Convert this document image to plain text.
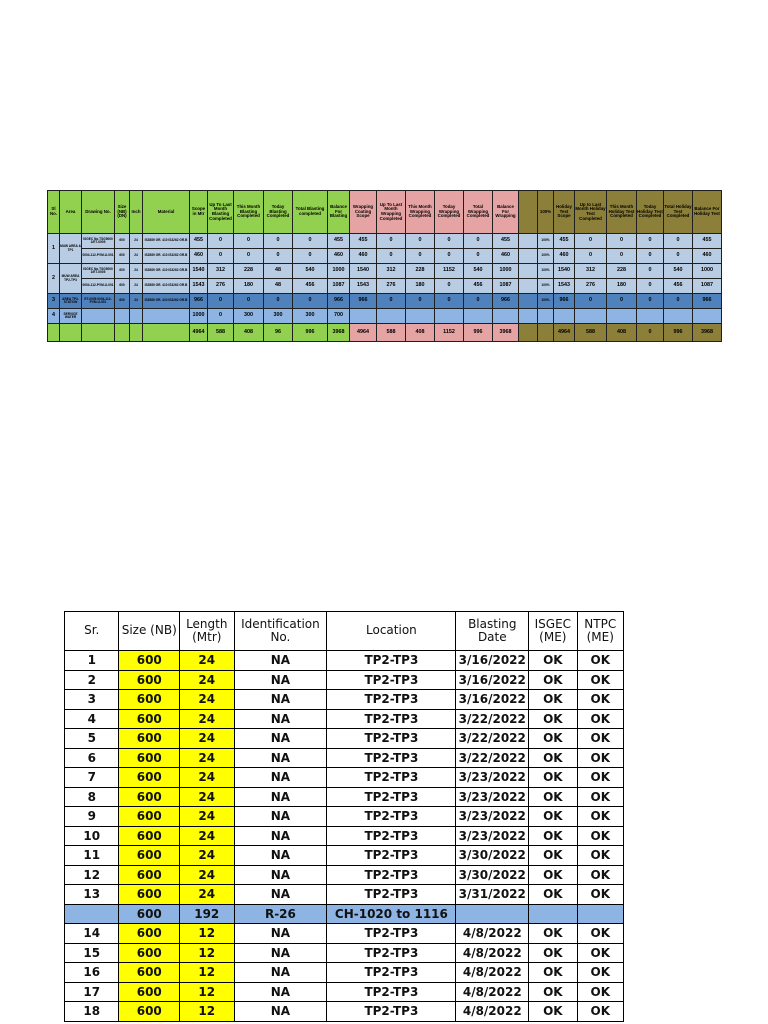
Sl No.	Area	Drawing No.	Size (NB) (DN)	Inch	Material	Scope in Mtr	Up To Last Month Blasting Completed	This Month Blasting Completed	Today Blasting Completed	Total Blasting completed	Balance For Blasting	Wrapping Coating Scope	Up To Last Month Wrapping Completed	This Month Wrapping Completed	Today Wrapping Completed	Total Wrapping Completed	Balance For Wrapping		100%	Holiday Test Scope	Up to Last Month Holiday Test Completed	This Month Holiday Test Completed	Today Holiday Test Completed	Total Holiday Test Completed	Balance For Holiday Test
1	MUW AREA & TP1	ISGEC No.TSG5000 1/ET-0005	600	24	IS3589 GR. 410 IS3262 GR.B	455	0	0	0	0	455	455	0	0	0	0	455		100%	455	0	0	0	0	455
		0004-112-PVM-U-001	600	24	IS3589 GR. 410 IS3262 GR.B	460	0	0	0	0	460	460	0	0	0	0	460		100%	460	0	0	0	0	460
2	MUW AREA TP2-TP3	ISGEC No.TSG5000 1/ET-0005	600	24	IS3589 GR. 410 IS3262 GR.B	1540	312	228	48	540	1000	1540	312	228	1152	540	1000		100%	1540	312	228	0	540	1000
		0004-112-PVM-U-001	600	24	IS3589 GR. 410 IS3262 GR.B	1543	276	180	48	456	1087	1543	276	180	0	456	1087		100%	1543	276	180	0	456	1087
3	AREA TP3-STATION	ET-0005 0004-112-PVM-U-001	600	24	IS3589 GR. 410 IS3262 GR.B	966	0	0	0	0	966	966	0	0	0	0	966		100%	966	0	0	0	0	966
4	SERVICE WATER					1000	0	300	300	300	700														
						4964	588	408	96	996	3968	4964	588	408	1152	996	3968			4964	588	408	0	996	3968
Sr.	Size (NB)	Length (Mtr)	Identification No.	Location	Blasting Date	ISGEC (ME)	NTPC (ME)
1	600	24	NA	TP2-TP3	3/16/2022	OK	OK
2	600	24	NA	TP2-TP3	3/16/2022	OK	OK
3	600	24	NA	TP2-TP3	3/16/2022	OK	OK
4	600	24	NA	TP2-TP3	3/22/2022	OK	OK
5	600	24	NA	TP2-TP3	3/22/2022	OK	OK
6	600	24	NA	TP2-TP3	3/22/2022	OK	OK
7	600	24	NA	TP2-TP3	3/23/2022	OK	OK
8	600	24	NA	TP2-TP3	3/23/2022	OK	OK
9	600	24	NA	TP2-TP3	3/23/2022	OK	OK
10	600	24	NA	TP2-TP3	3/23/2022	OK	OK
11	600	24	NA	TP2-TP3	3/30/2022	OK	OK
12	600	24	NA	TP2-TP3	3/30/2022	OK	OK
13	600	24	NA	TP2-TP3	3/31/2022	OK	OK
	600	192	R-26	CH-1020 to 1116			
14	600	12	NA	TP2-TP3	4/8/2022	OK	OK
15	600	12	NA	TP2-TP3	4/8/2022	OK	OK
16	600	12	NA	TP2-TP3	4/8/2022	OK	OK
17	600	12	NA	TP2-TP3	4/8/2022	OK	OK
18	600	12	NA	TP2-TP3	4/8/2022	OK	OK
